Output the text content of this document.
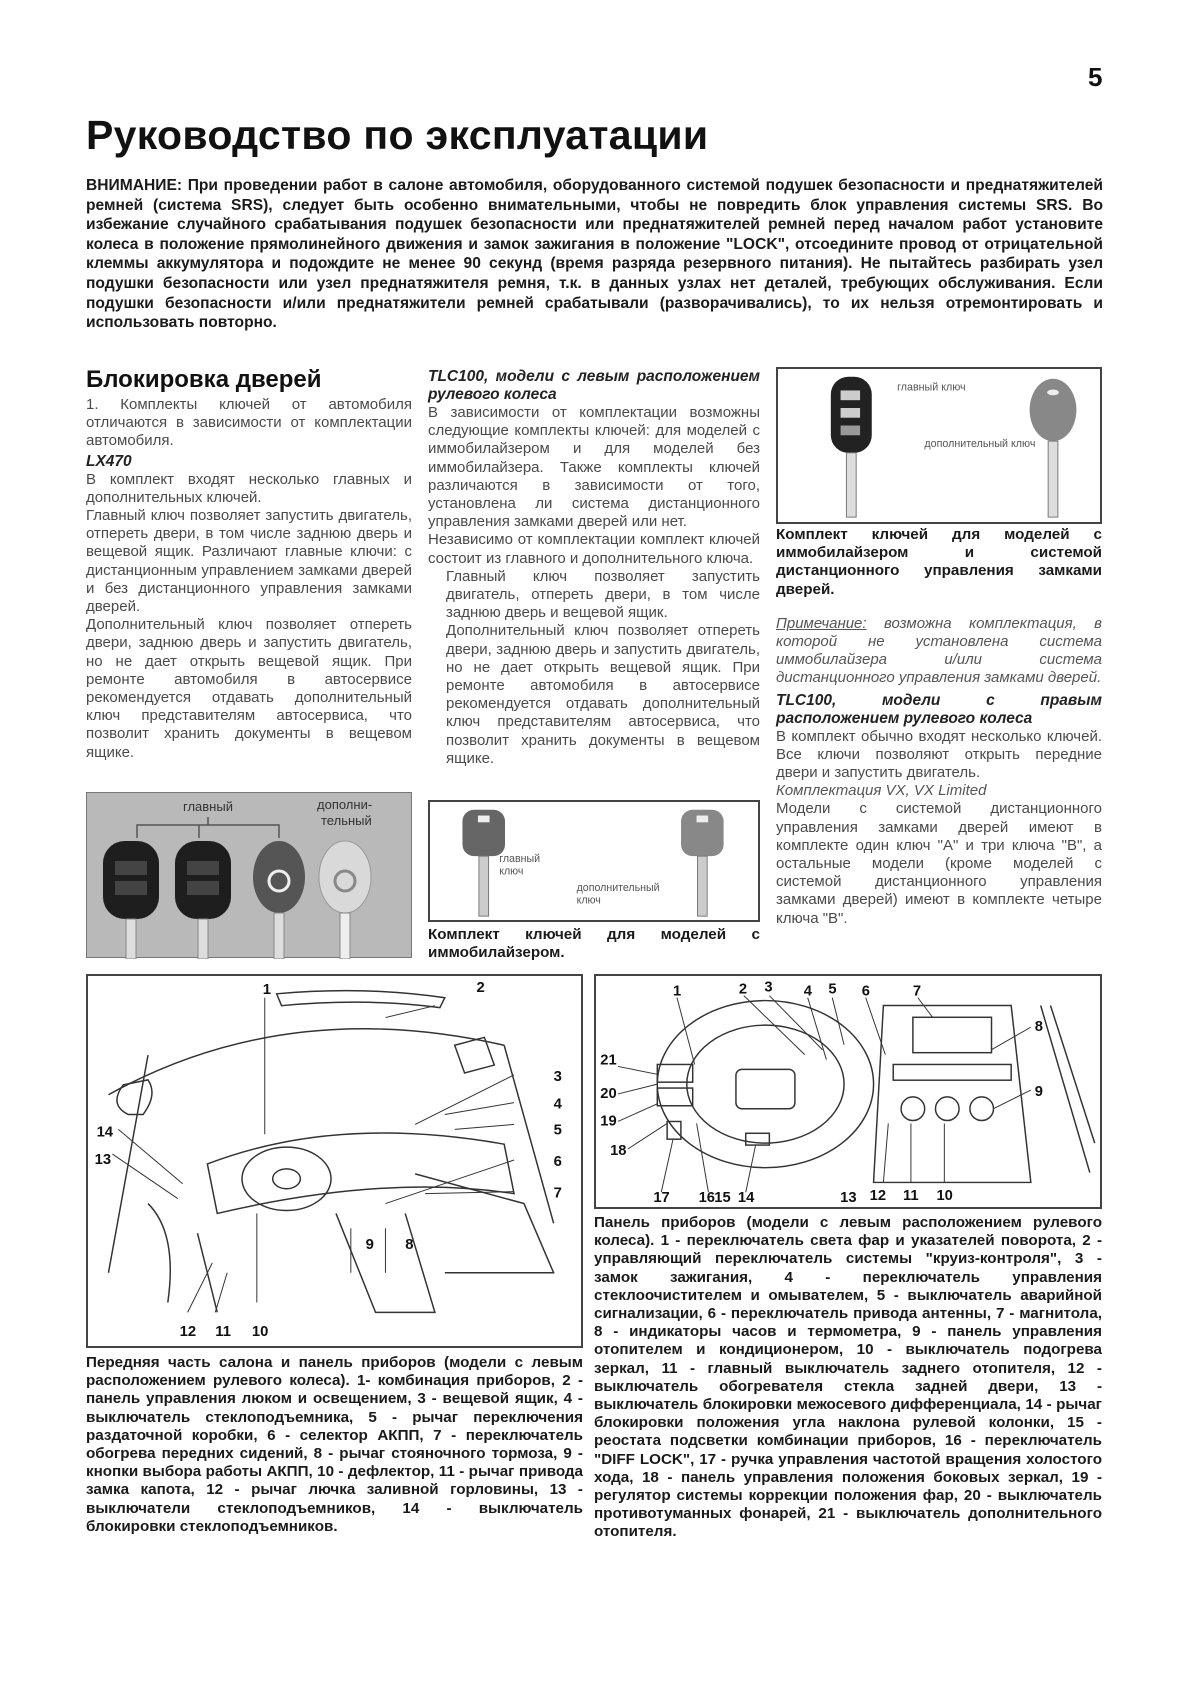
5
Руководство по эксплуатации
ВНИМАНИЕ: При проведении работ в салоне автомобиля, оборудованного системой подушек безопасности и преднатяжителей ремней (система SRS), следует быть особенно внимательными, чтобы не повредить блок управления системы SRS. Во избежание случайного срабатывания подушек безопасности или преднатяжителей ремней перед началом работ установите колеса в положение прямолинейного движения и замок зажигания в положение "LOCK", отсоедините провод от отрицательной клеммы аккумулятора и подождите не менее 90 секунд (время разряда резервного питания). Не пытайтесь разбирать узел подушки безопасности или узел преднатяжителя ремня, т.к. в данных узлах нет деталей, требующих обслуживания. Если подушки безопасности и/или преднатяжители ремней срабатывали (разворачивались), то их нельзя отремонтировать и использовать повторно.
Блокировка дверей

1. Комплекты ключей от автомобиля отличаются в зависимости от комплектации автомобиля.

LX470

В комплект входят несколько главных и дополнительных ключей.

Главный ключ позволяет запустить двигатель, отпереть двери, в том числе заднюю дверь и вещевой ящик. Различают главные ключи: с дистанционным управлением замками дверей и без дистанционного управления замками дверей.

Дополнительный ключ позволяет отпереть двери, заднюю дверь и запустить двигатель, но не дает открыть вещевой ящик. При ремонте автомобиля в автосервисе рекомендуется отдавать дополнительный ключ представителям автосервиса, что позволит хранить документы в вещевом ящике.

главный	дополни-
тельный
TLC100, модели с левым расположением рулевого колеса

В зависимости от комплектации возможны следующие комплекты ключей: для моделей с иммобилайзером и для моделей без иммобилайзера. Также комплекты ключей различаются в зависимости от того, установлена ли система дистанционного управления замками дверей или нет.

Независимо от комплектации комплект ключей состоит из главного и дополнительного ключа.

Главный ключ позволяет запустить двигатель, отпереть двери, в том числе заднюю дверь и вещевой ящик.

Дополнительный ключ позволяет отпереть двери, заднюю дверь и запустить двигатель, но не дает открыть вещевой ящик. При ремонте автомобиля в автосервисе рекомендуется отдавать дополнительный ключ представителям автосервиса, что позволит хранить документы в вещевом ящике.

главный
ключ
дополнительный
ключ
Комплект ключей для моделей с иммобилайзером.
главный ключ
дополнительный ключ
Комплект ключей для моделей с иммобилайзером и системой дистанционного управления замками дверей.

Примечание: возможна комплектация, в которой не установлена система иммобилайзера и/или система дистанционного управления замками дверей.

TLC100, модели с правым расположением рулевого колеса

В комплект обычно входят несколько ключей. Все ключи позволяют открыть передние двери и запустить двигатель.

Комплектация VX, VX Limited

Модели с системой дистанционного управления замками дверей имеют в комплекте один ключ "A" и три ключа "B", а остальные модели (кроме моделей с системой дистанционного управления замками дверей) имеют в комплекте четыре ключа "B".

1	2
3
4
5
6
7
8
9
10
11
12
13
14
Передняя часть салона и панель приборов (модели с левым расположением рулевого колеса). 1- комбинация приборов, 2 - панель управления люком и освещением, 3 - вещевой ящик, 4 - выключатель стеклоподъемника, 5 - рычаг переключения раздаточной коробки, 6 - селектор АКПП, 7 - переключатель обогрева передних сидений, 8 - рычаг стояночного тормоза, 9 - кнопки выбора работы АКПП, 10 - дефлектор, 11 - рычаг привода замка капота, 12 - рычаг лючка заливной горловины, 13 - выключатели стеклоподъемников, 14 - выключатель блокировки стеклоподъемников.
1	2 3 4 5 6	7
8
9
10
11
12
13
14
15
16
17
18
19
20
21
Панель приборов (модели с левым расположением рулевого колеса). 1 - переключатель света фар и указателей поворота, 2 - управляющий переключатель системы "круиз-контроля", 3 - замок зажигания, 4 - переключатель управления стеклоочистителем и омывателем, 5 - выключатель аварийной сигнализации, 6 - переключатель привода антенны, 7 - магнитола, 8 - индикаторы часов и термометра, 9 - панель управления отопителем и кондиционером, 10 - выключатель подогрева зеркал, 11 - главный выключатель заднего отопителя, 12 - выключатель обогревателя стекла задней двери, 13 - выключатель блокировки межосевого дифференциала, 14 - рычаг блокировки положения угла наклона рулевой колонки, 15 - реостата подсветки комбинации приборов, 16 - переключатель "DIFF LOCK", 17 - ручка управления частотой вращения холостого хода, 18 - панель управления положения боковых зеркал, 19 - регулятор системы коррекции положения фар, 20 - выключатель противотуманных фонарей, 21 - выключатель дополнительного отопителя.
